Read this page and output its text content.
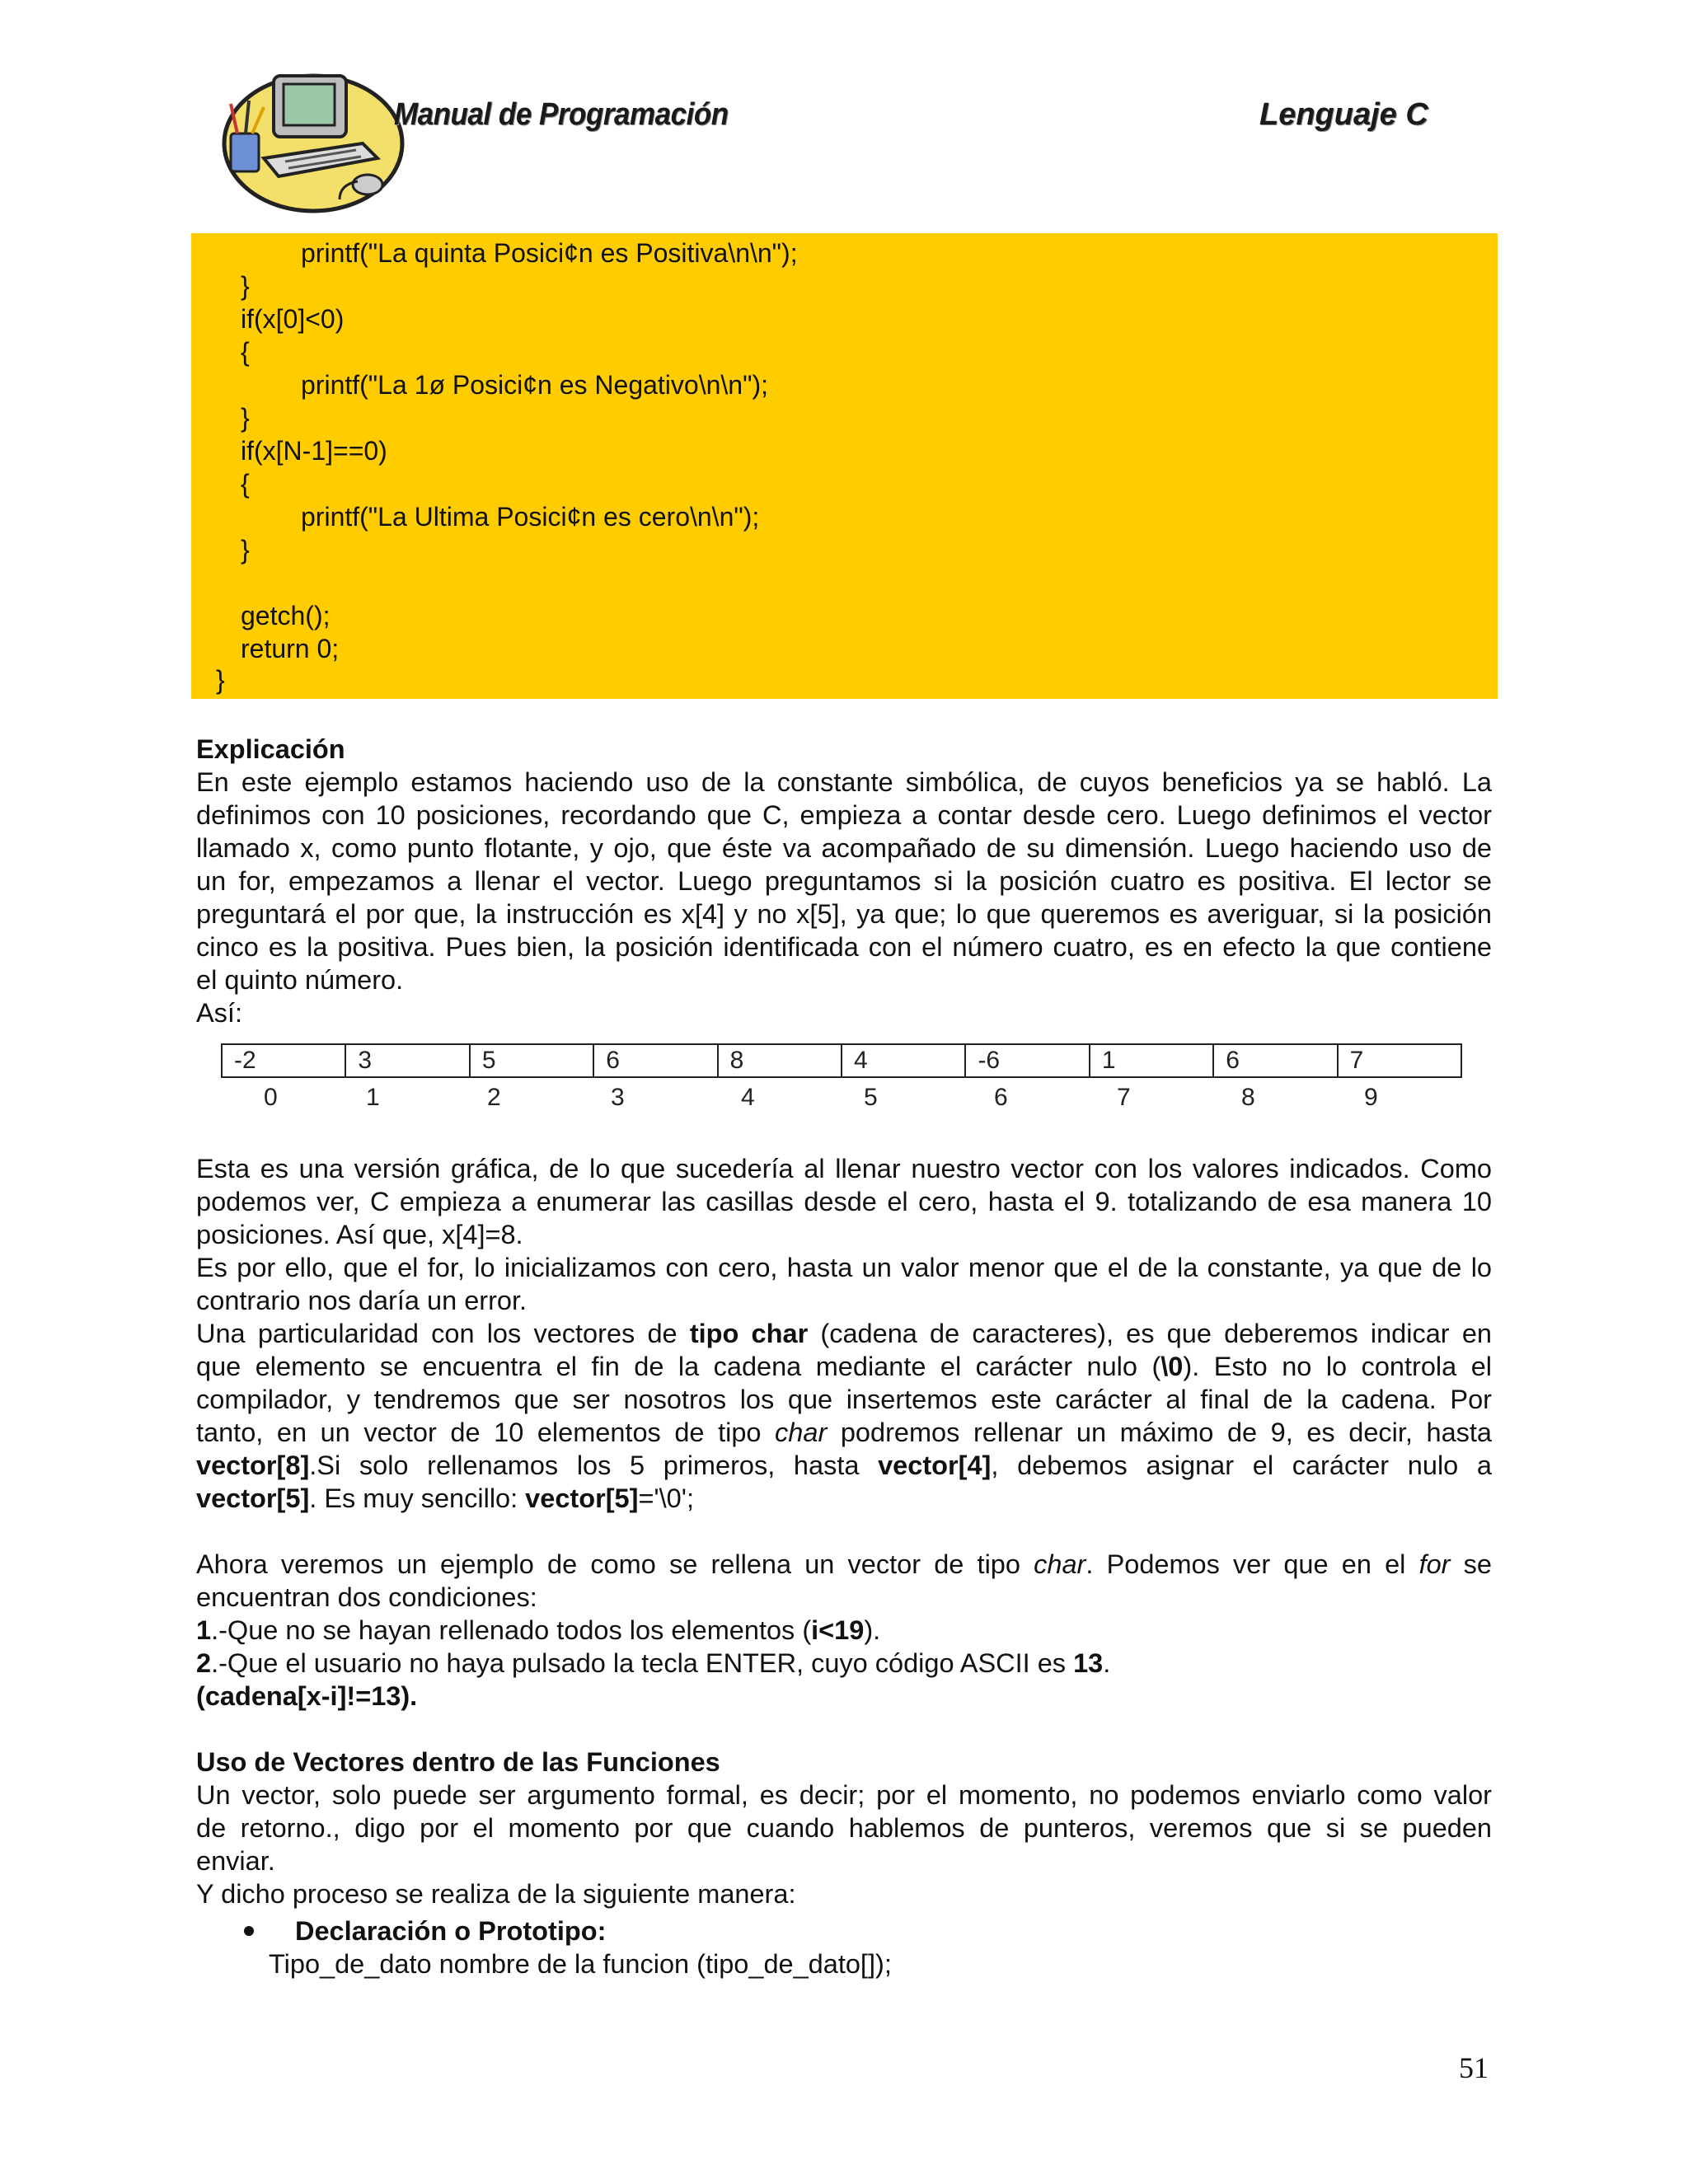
Manual de Programación	Lenguaje C
printf("La quinta Posici¢n es Positiva\n\n");
}
if(x[0]<0)
{
printf("La 1ø Posici¢n es Negativo\n\n");
}
if(x[N-1]==0)
{
printf("La Ultima Posici¢n es cero\n\n");
}
getch();
return 0;
}
Explicación
En este ejemplo estamos haciendo uso de la constante simbólica, de cuyos beneficios ya se habló. La
definimos con 10 posiciones, recordando que C, empieza a contar desde cero. Luego definimos el vector
llamado x, como punto flotante, y ojo, que éste va acompañado de su dimensión. Luego haciendo uso de
un for, empezamos a llenar el vector. Luego preguntamos si la posición cuatro es positiva. El lector se
preguntará el por que, la instrucción es x[4] y no x[5], ya que; lo que queremos es averiguar, si la posición
cinco es la positiva. Pues bien, la posición identificada con el número cuatro, es en efecto la que contiene
el quinto número.
Así:
-2	3	5	6	8	4	-6	1	6	7
0	1	2	3	4	5	6	7	8	9
Esta es una versión gráfica, de lo que sucedería al llenar nuestro vector con los valores indicados. Como
podemos ver, C empieza a enumerar las casillas desde el cero, hasta el 9. totalizando de esa manera 10
posiciones. Así que, x[4]=8.
Es por ello, que el for, lo inicializamos con cero, hasta un valor menor que el de la constante, ya que de lo
contrario nos daría un error.
Una particularidad con los vectores de tipo char (cadena de caracteres), es que deberemos indicar en
que elemento se encuentra el fin de la cadena mediante el carácter nulo (\0). Esto no lo controla el
compilador, y tendremos que ser nosotros los que insertemos este carácter al final de la cadena. Por
tanto, en un vector de 10 elementos de tipo char podremos rellenar un máximo de 9, es decir, hasta
vector[8].Si solo rellenamos los 5 primeros, hasta vector[4], debemos asignar el carácter nulo a
vector[5]. Es muy sencillo: vector[5]='\0';
Ahora veremos un ejemplo de como se rellena un vector de tipo char. Podemos ver que en el for se
encuentran dos condiciones:
1.-Que no se hayan rellenado todos los elementos (i<19).
2.-Que el usuario no haya pulsado la tecla ENTER, cuyo código ASCII es 13.
(cadena[x-i]!=13).
Uso de Vectores dentro de las Funciones
Un vector, solo puede ser argumento formal, es decir; por el momento, no podemos enviarlo como valor
de retorno., digo por el momento por que cuando hablemos de punteros, veremos que si se pueden
enviar.
Y dicho proceso se realiza de la siguiente manera:
Declaración o Prototipo:
Tipo_de_dato nombre de la funcion (tipo_de_dato[]);
51
